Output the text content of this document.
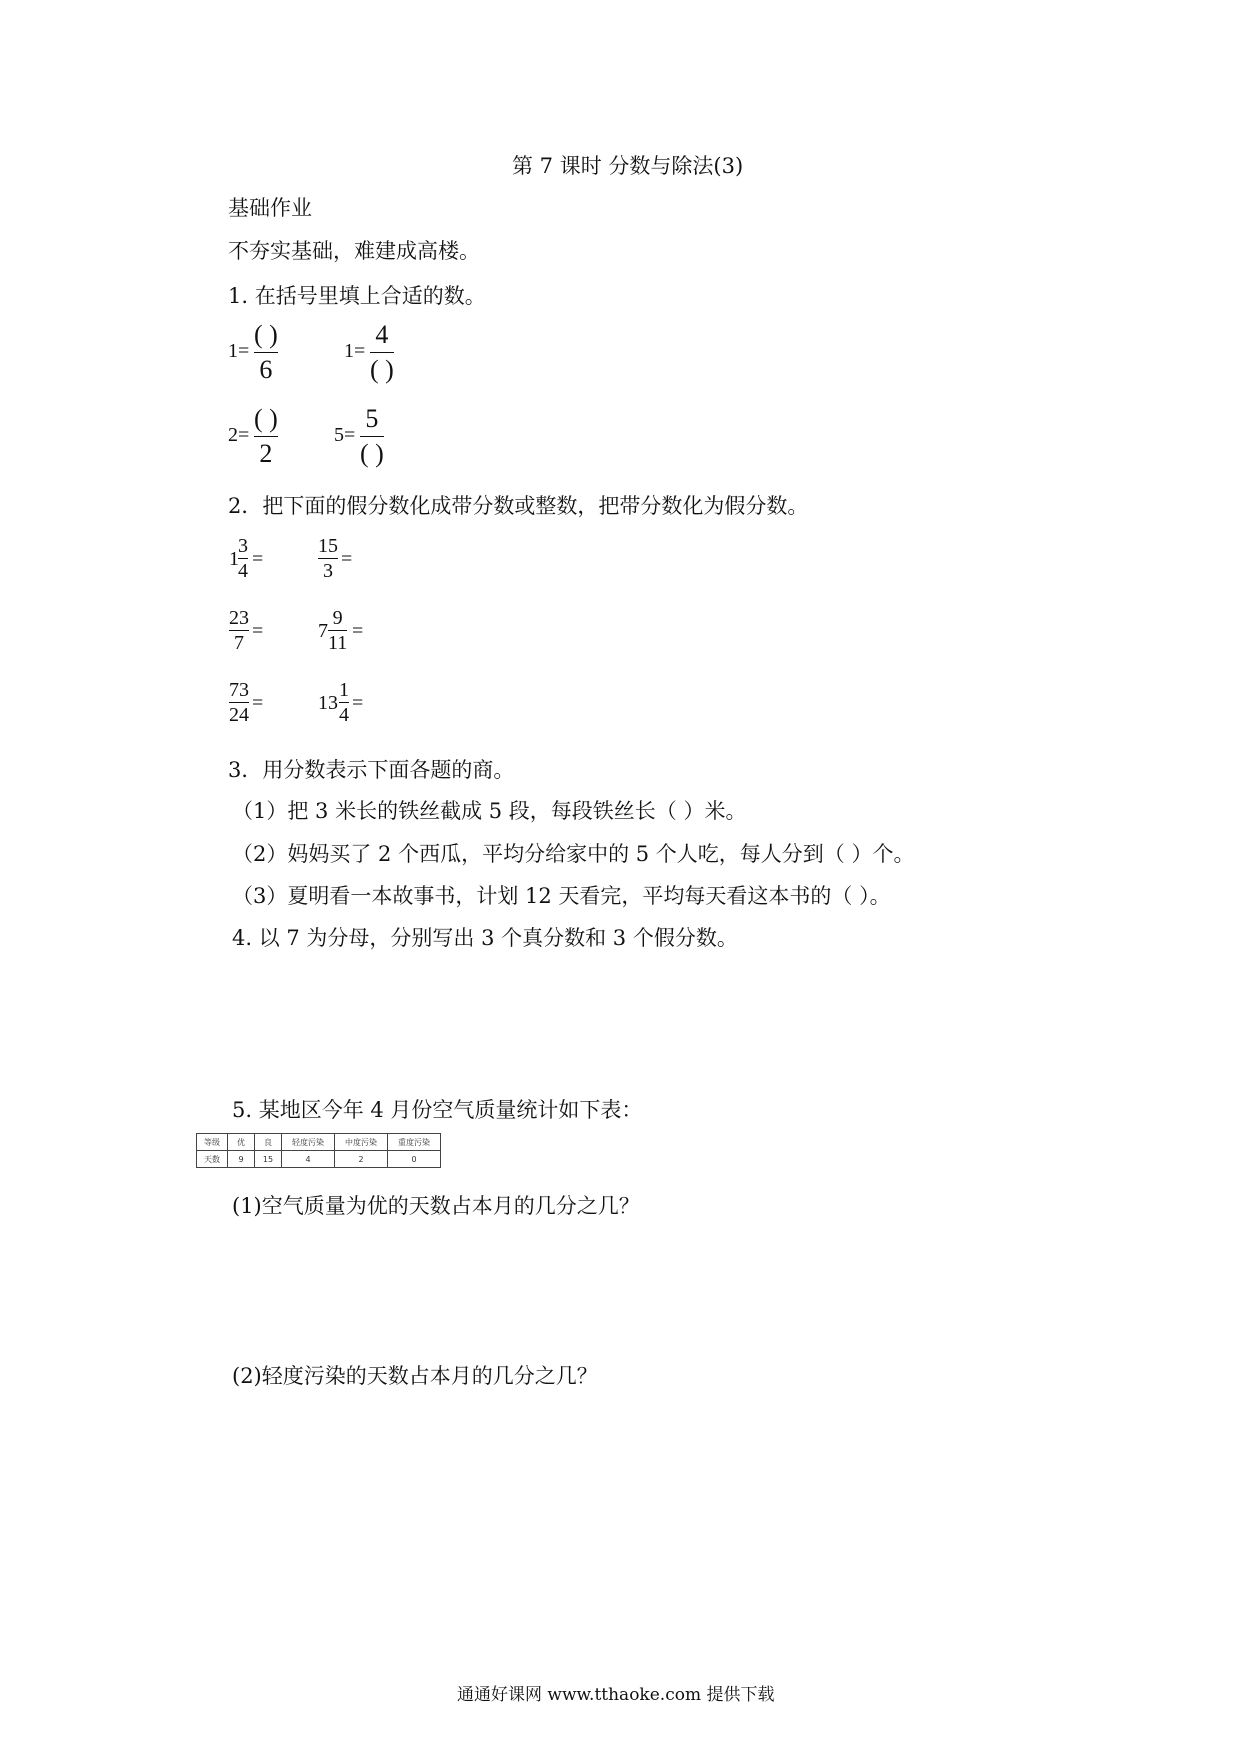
第 7 课时 分数与除法(3)
基础作业
不夯实基础，难建成高楼。
1. 在括号里填上合适的数。
1=
( )
6
1=
4
( )
2=
( )
2
5=
5
( )
2．把下面的假分数化成带分数或整数，把带分数化为假分数。
1
3
4
=
15
3
=
23
7
=	7
9
11
=
73
24
=	13
1
4
=
3．用分数表示下面各题的商。
（1）把 3 米长的铁丝截成 5 段，每段铁丝长（ ）米。
（2）妈妈买了 2 个西瓜，平均分给家中的 5 个人吃，每人分到（ ）个。
（3）夏明看一本故事书，计划 12 天看完，平均每天看这本书的（ ）。
4. 以 7 为分母，分别写出 3 个真分数和 3 个假分数。
5. 某地区今年 4 月份空气质量统计如下表：
等级	优	良	轻度污染	中度污染	重度污染
天数	9	15	4	2	0
(1)空气质量为优的天数占本月的几分之几？
(2)轻度污染的天数占本月的几分之几？
通通好课网 www.tthaoke.com 提供下载
